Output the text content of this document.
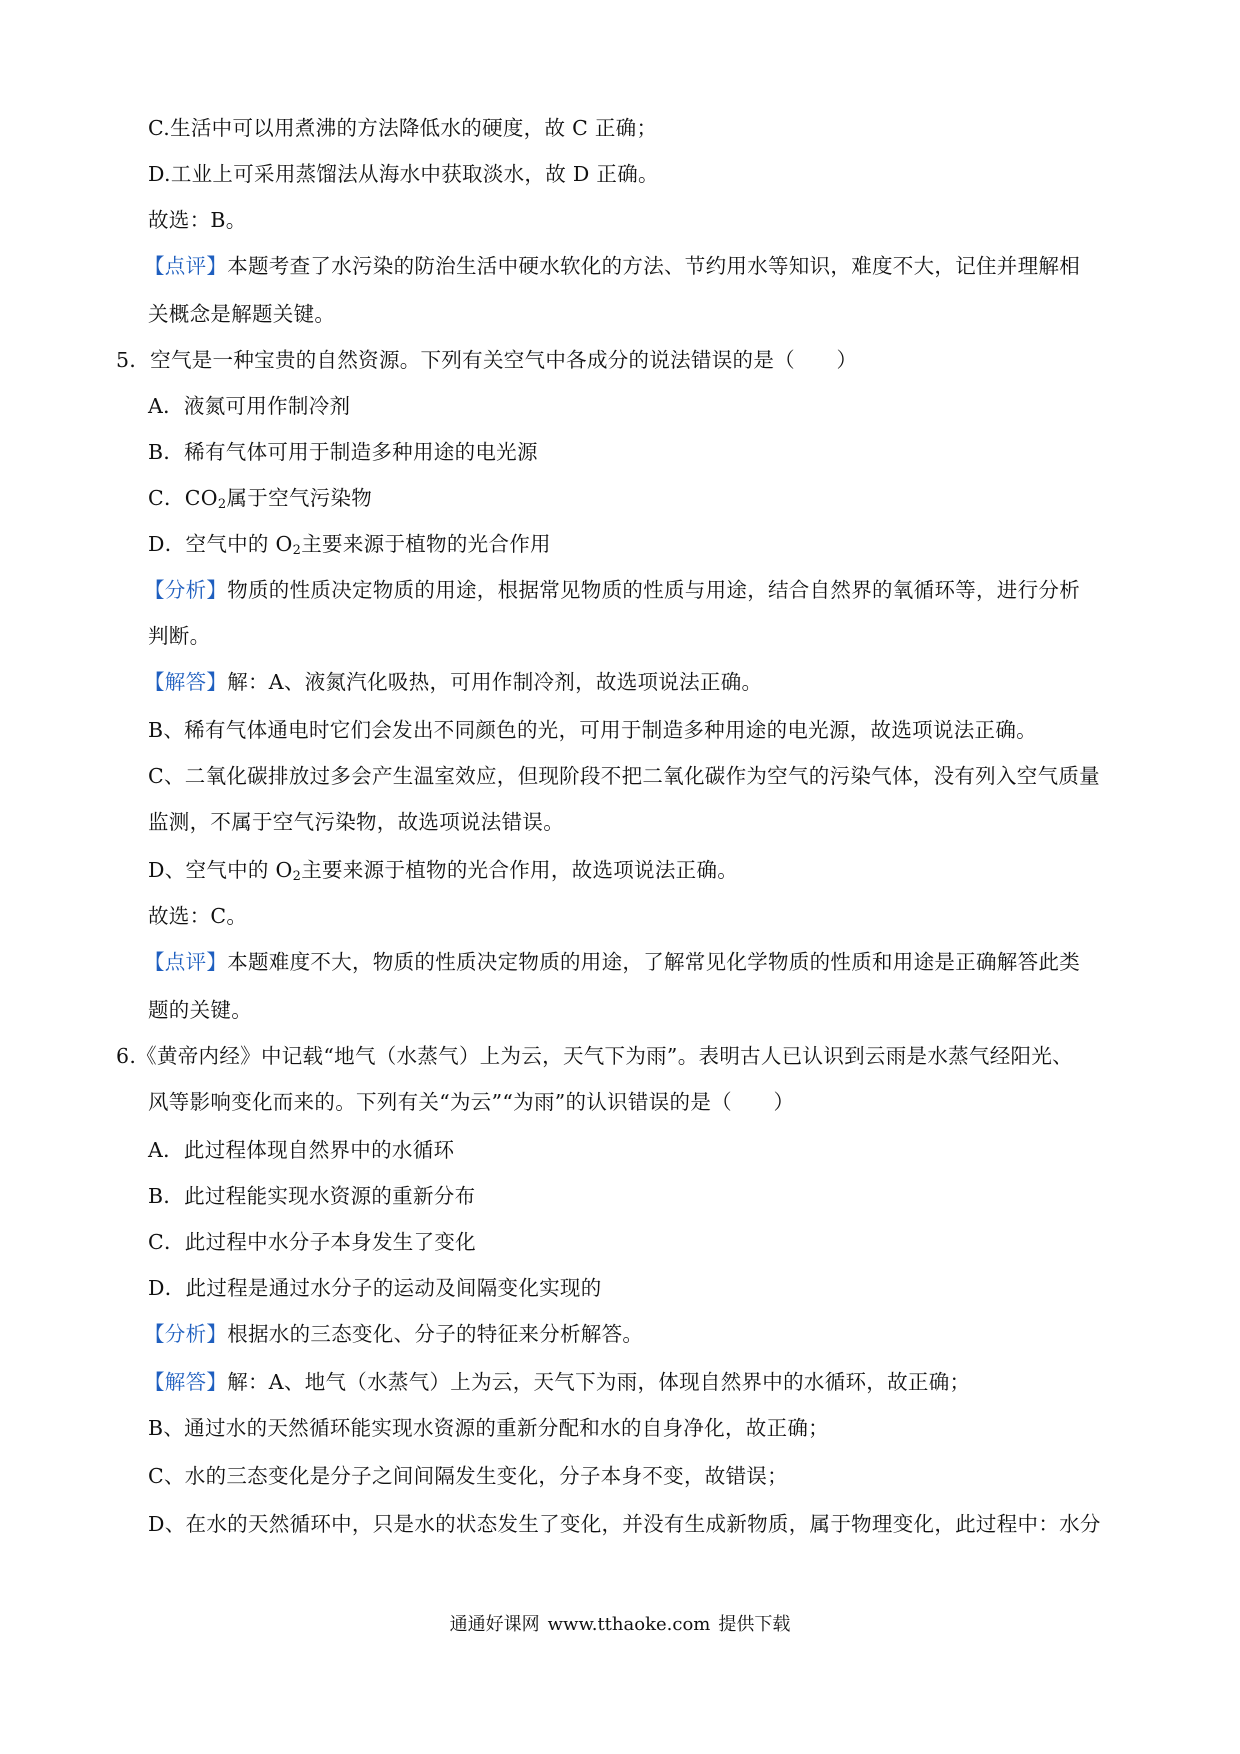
C.生活中可以用煮沸的方法降低水的硬度，故 C 正确；
D.工业上可采用蒸馏法从海水中获取淡水，故 D 正确。
故选：B。
【点评】本题考查了水污染的防治生活中硬水软化的方法、节约用水等知识，难度不大，记住并理解相
关概念是解题关键。
5．空气是一种宝贵的自然资源。下列有关空气中各成分的说法错误的是（　　）
A．液氮可用作制冷剂
B．稀有气体可用于制造多种用途的电光源
C．$CO_2$属于空气污染物
D．空气中的 $O_2$主要来源于植物的光合作用
【分析】物质的性质决定物质的用途，根据常见物质的性质与用途，结合自然界的氧循环等，进行分析
判断。
【解答】解：A、液氮汽化吸热，可用作制冷剂，故选项说法正确。
B、稀有气体通电时它们会发出不同颜色的光，可用于制造多种用途的电光源，故选项说法正确。
C、二氧化碳排放过多会产生温室效应，但现阶段不把二氧化碳作为空气的污染气体，没有列入空气质量
监测，不属于空气污染物，故选项说法错误。
D、空气中的 $O_2$主要来源于植物的光合作用，故选项说法正确。
故选：C。
【点评】本题难度不大，物质的性质决定物质的用途，了解常见化学物质的性质和用途是正确解答此类
题的关键。
6.《黄帝内经》中记载“地气（水蒸气）上为云，天气下为雨”。表明古人已认识到云雨是水蒸气经阳光、
风等影响变化而来的。下列有关“为云”“为雨”的认识错误的是（　　）
A．此过程体现自然界中的水循环
B．此过程能实现水资源的重新分布
C．此过程中水分子本身发生了变化
D．此过程是通过水分子的运动及间隔变化实现的
【分析】根据水的三态变化、分子的特征来分析解答。
【解答】解：A、地气（水蒸气）上为云，天气下为雨，体现自然界中的水循环，故正确；
B、通过水的天然循环能实现水资源的重新分配和水的自身净化，故正确；
C、水的三态变化是分子之间间隔发生变化，分子本身不变，故错误；
D、在水的天然循环中，只是水的状态发生了变化，并没有生成新物质，属于物理变化，此过程中：水分
通通好课网 www.tthaoke.com 提供下载
